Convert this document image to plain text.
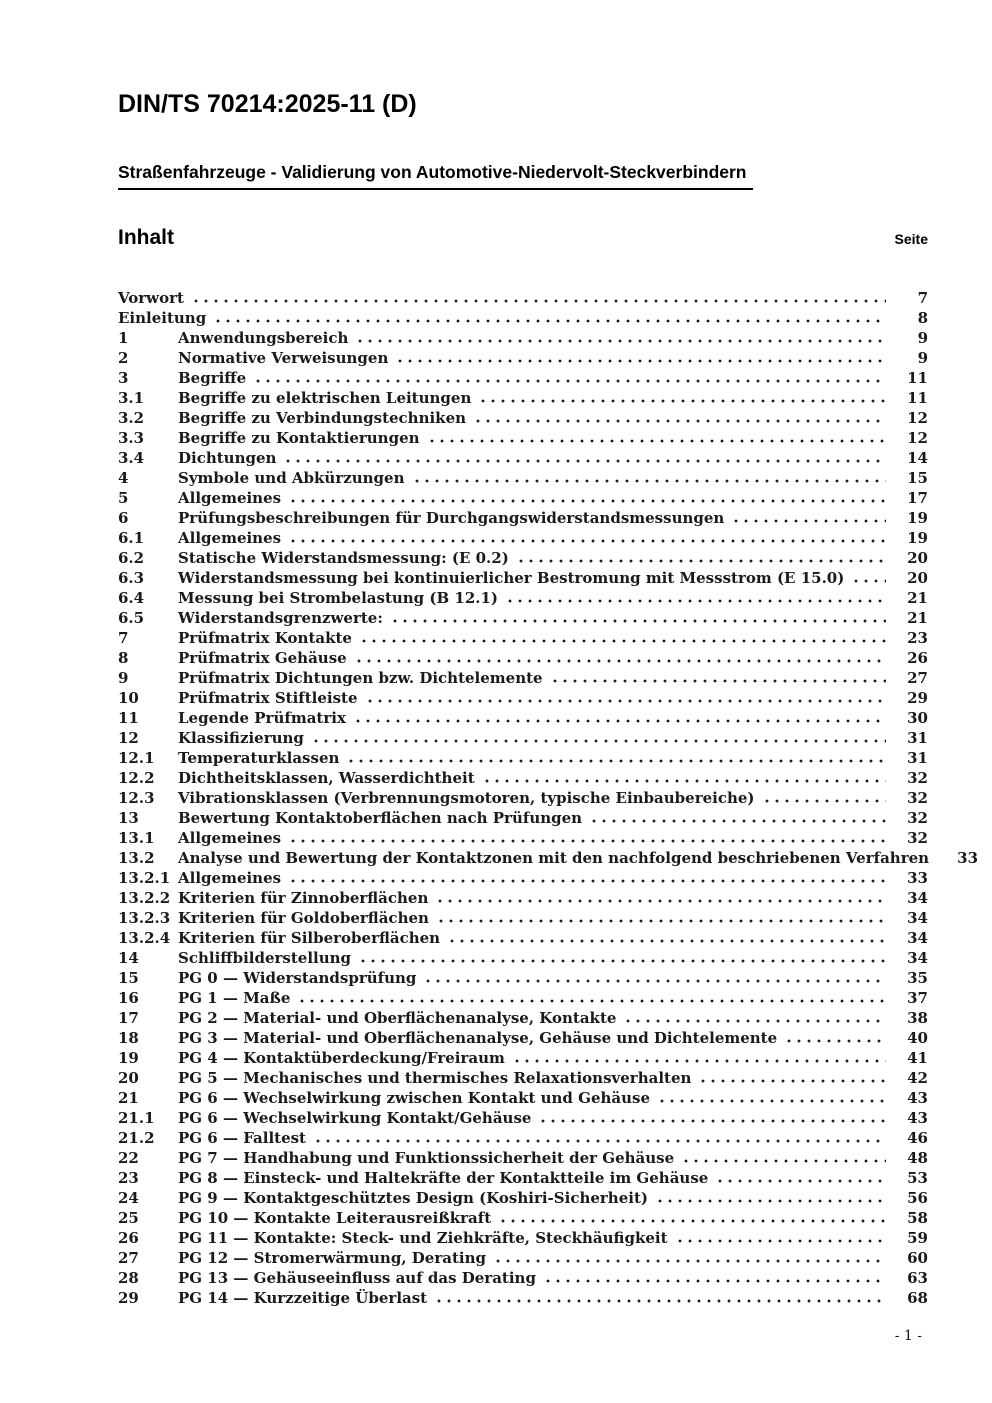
DIN/TS 70214:2025-11 (D)
Straßenfahrzeuge - Validierung von Automotive-Niedervolt-Steckverbindern
Inhalt	Seite
Vorwort	7
Einleitung	8
1	Anwendungsbereich	9
2	Normative Verweisungen	9
3	Begriffe	11
3.1	Begriffe zu elektrischen Leitungen	11
3.2	Begriffe zu Verbindungstechniken	12
3.3	Begriffe zu Kontaktierungen	12
3.4	Dichtungen	14
4	Symbole und Abkürzungen	15
5	Allgemeines	17
6	Prüfungsbeschreibungen für Durchgangswiderstandsmessungen	19
6.1	Allgemeines	19
6.2	Statische Widerstandsmessung: (E 0.2)	20
6.3	Widerstandsmessung bei kontinuierlicher Bestromung mit Messstrom (E 15.0)	20
6.4	Messung bei Strombelastung (B 12.1)	21
6.5	Widerstandsgrenzwerte:	21
7	Prüfmatrix Kontakte	23
8	Prüfmatrix Gehäuse	26
9	Prüfmatrix Dichtungen bzw. Dichtelemente	27
10	Prüfmatrix Stiftleiste	29
11	Legende Prüfmatrix	30
12	Klassifizierung	31
12.1	Temperaturklassen	31
12.2	Dichtheitsklassen, Wasserdichtheit	32
12.3	Vibrationsklassen (Verbrennungsmotoren, typische Einbaubereiche)	32
13	Bewertung Kontaktoberflächen nach Prüfungen	32
13.1	Allgemeines	32
13.2	Analyse und Bewertung der Kontaktzonen mit den nachfolgend beschriebenen Verfahren	33
13.2.1 Allgemeines	33
13.2.2 Kriterien für Zinnoberflächen	34
13.2.3 Kriterien für Goldoberflächen	34
13.2.4 Kriterien für Silberoberflächen	34
14	Schliffbilderstellung	34
15	PG 0 — Widerstandsprüfung	35
16	PG 1 — Maße	37
17	PG 2 — Material- und Oberflächenanalyse, Kontakte	38
18	PG 3 — Material- und Oberflächenanalyse, Gehäuse und Dichtelemente	40
19	PG 4 — Kontaktüberdeckung/Freiraum	41
20	PG 5 — Mechanisches und thermisches Relaxationsverhalten	42
21	PG 6 — Wechselwirkung zwischen Kontakt und Gehäuse	43
21.1	PG 6 — Wechselwirkung Kontakt/Gehäuse	43
21.2	PG 6 — Falltest	46
22	PG 7 — Handhabung und Funktionssicherheit der Gehäuse	48
23	PG 8 — Einsteck- und Haltekräfte der Kontaktteile im Gehäuse	53
24	PG 9 — Kontaktgeschütztes Design (Koshiri-Sicherheit)	56
25	PG 10 — Kontakte Leiterausreißkraft	58
26	PG 11 — Kontakte: Steck- und Ziehkräfte, Steckhäufigkeit	59
27	PG 12 — Stromerwärmung, Derating	60
28	PG 13 — Gehäuseeinfluss auf das Derating	63
29	PG 14 — Kurzzeitige Überlast	68
- 1 -
